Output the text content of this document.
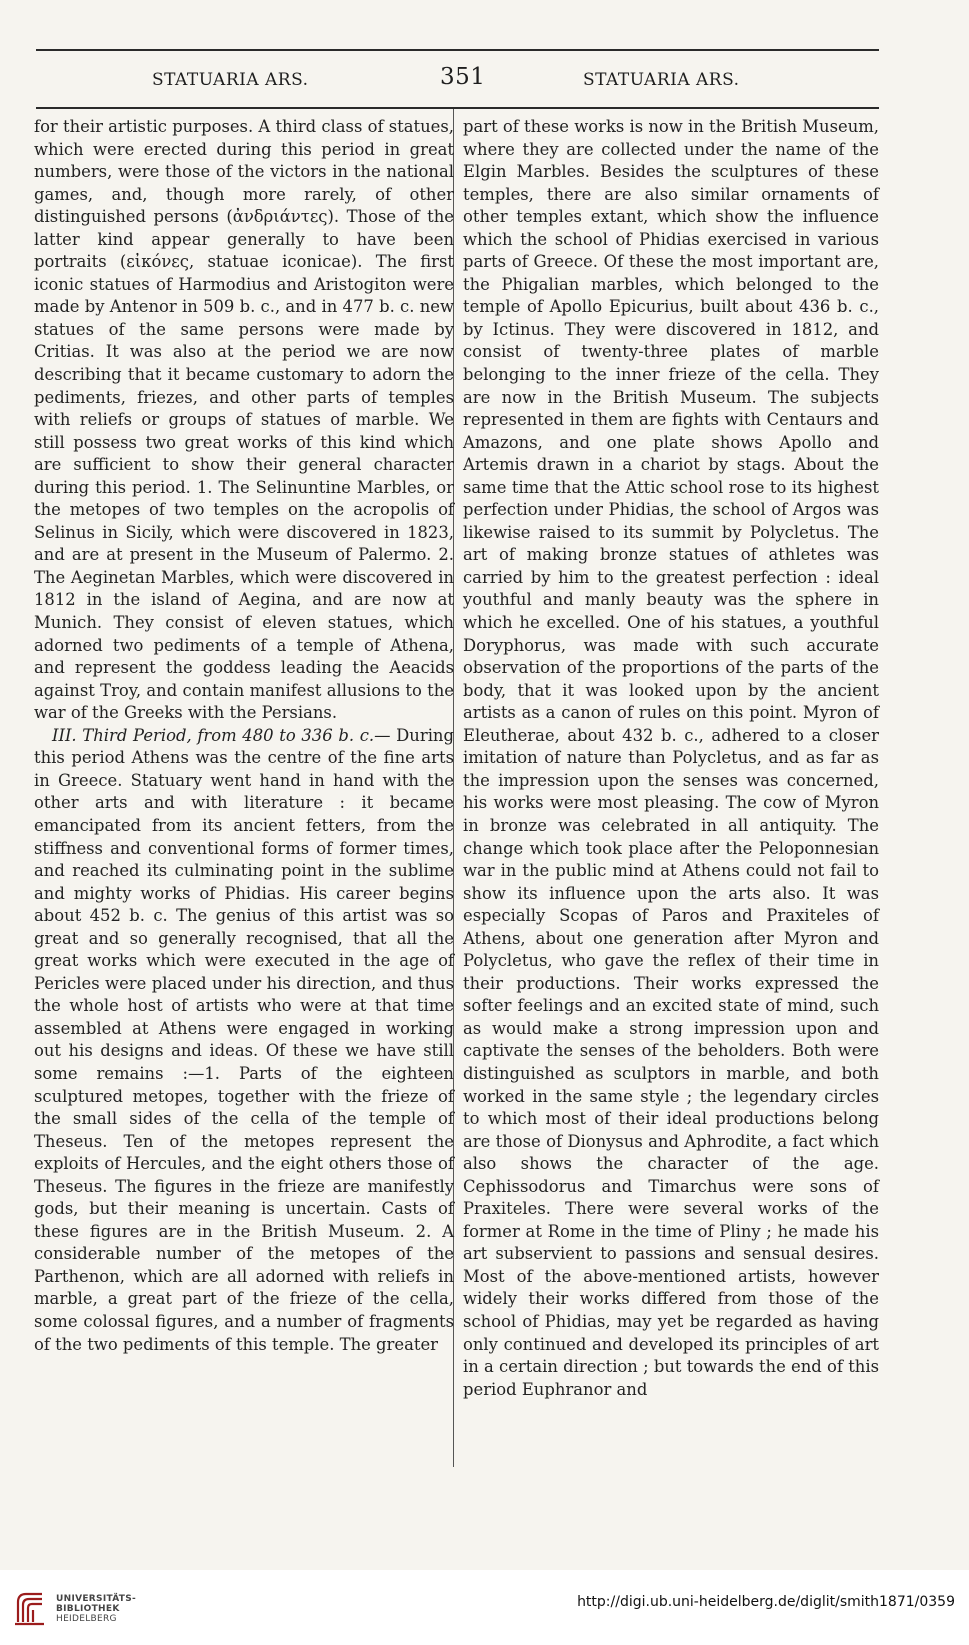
STATUARIA ARS.	351	STATUARIA ARS.

for their artistic purposes. A third class of statues, which were erected during this period in great numbers, were those of the victors in the national games, and, though more rarely, of other distinguished persons (ἀνδριάντες). Those of the latter kind appear generally to have been portraits (εἰκόνες, statuae iconicae). The first iconic statues of Harmodius and Aristogiton were made by Antenor in 509 b. c., and in 477 b. c. new statues of the same persons were made by Critias. It was also at the period we are now describing that it became customary to adorn the pediments, friezes, and other parts of temples with reliefs or groups of statues of marble. We still possess two great works of this kind which are sufficient to show their general character during this period. 1. The Selinuntine Marbles, or the metopes of two temples on the acropolis of Selinus in Sicily, which were discovered in 1823, and are at present in the Museum of Palermo. 2. The Aeginetan Marbles, which were discovered in 1812 in the island of Aegina, and are now at Munich. They consist of eleven statues, which adorned two pediments of a temple of Athena, and represent the goddess leading the Aeacids against Troy, and contain manifest allusions to the war of the Greeks with the Persians.

III. Third Period, from 480 to 336 b. c.— During this period Athens was the centre of the fine arts in Greece. Statuary went hand in hand with the other arts and with literature : it became emancipated from its ancient fetters, from the stiffness and conventional forms of former times, and reached its culminating point in the sublime and mighty works of Phidias. His career begins about 452 b. c. The genius of this artist was so great and so generally recognised, that all the great works which were executed in the age of Pericles were placed under his direction, and thus the whole host of artists who were at that time assembled at Athens were engaged in working out his designs and ideas. Of these we have still some remains :—1. Parts of the eighteen sculptured metopes, together with the frieze of the small sides of the cella of the temple of Theseus. Ten of the metopes represent the exploits of Hercules, and the eight others those of Theseus. The figures in the frieze are manifestly gods, but their meaning is uncertain. Casts of these figures are in the British Museum. 2. A considerable number of the metopes of the Parthenon, which are all adorned with reliefs in marble, a great part of the frieze of the cella, some colossal figures, and a number of fragments of the two pediments of this temple. The greater

part of these works is now in the British Museum, where they are collected under the name of the Elgin Marbles. Besides the sculptures of these temples, there are also similar ornaments of other temples extant, which show the influence which the school of Phidias exercised in various parts of Greece. Of these the most important are, the Phigalian marbles, which belonged to the temple of Apollo Epicurius, built about 436 b. c., by Ictinus. They were discovered in 1812, and consist of twenty-three plates of marble belonging to the inner frieze of the cella. They are now in the British Museum. The subjects represented in them are fights with Centaurs and Amazons, and one plate shows Apollo and Artemis drawn in a chariot by stags. About the same time that the Attic school rose to its highest perfection under Phidias, the school of Argos was likewise raised to its summit by Polycletus. The art of making bronze statues of athletes was carried by him to the greatest perfection : ideal youthful and manly beauty was the sphere in which he excelled. One of his statues, a youthful Doryphorus, was made with such accurate observation of the proportions of the parts of the body, that it was looked upon by the ancient artists as a canon of rules on this point. Myron of Eleutherae, about 432 b. c., adhered to a closer imitation of nature than Polycletus, and as far as the impression upon the senses was concerned, his works were most pleasing. The cow of Myron in bronze was celebrated in all antiquity. The change which took place after the Peloponnesian war in the public mind at Athens could not fail to show its influence upon the arts also. It was especially Scopas of Paros and Praxiteles of Athens, about one generation after Myron and Polycletus, who gave the reflex of their time in their productions. Their works expressed the softer feelings and an excited state of mind, such as would make a strong impression upon and captivate the senses of the beholders. Both were distinguished as sculptors in marble, and both worked in the same style ; the legendary circles to which most of their ideal productions belong are those of Dionysus and Aphrodite, a fact which also shows the character of the age. Cephissodorus and Timarchus were sons of Praxiteles. There were several works of the former at Rome in the time of Pliny ; he made his art subservient to passions and sensual desires. Most of the above-mentioned artists, however widely their works differed from those of the school of Phidias, may yet be regarded as having only continued and developed its principles of art in a certain direction ; but towards the end of this period Euphranor and

UNIVERSITÄTS-
BIBLIOTHEK
HEIDELBERG
http://digi.ub.uni-heidelberg.de/diglit/smith1871/0359
